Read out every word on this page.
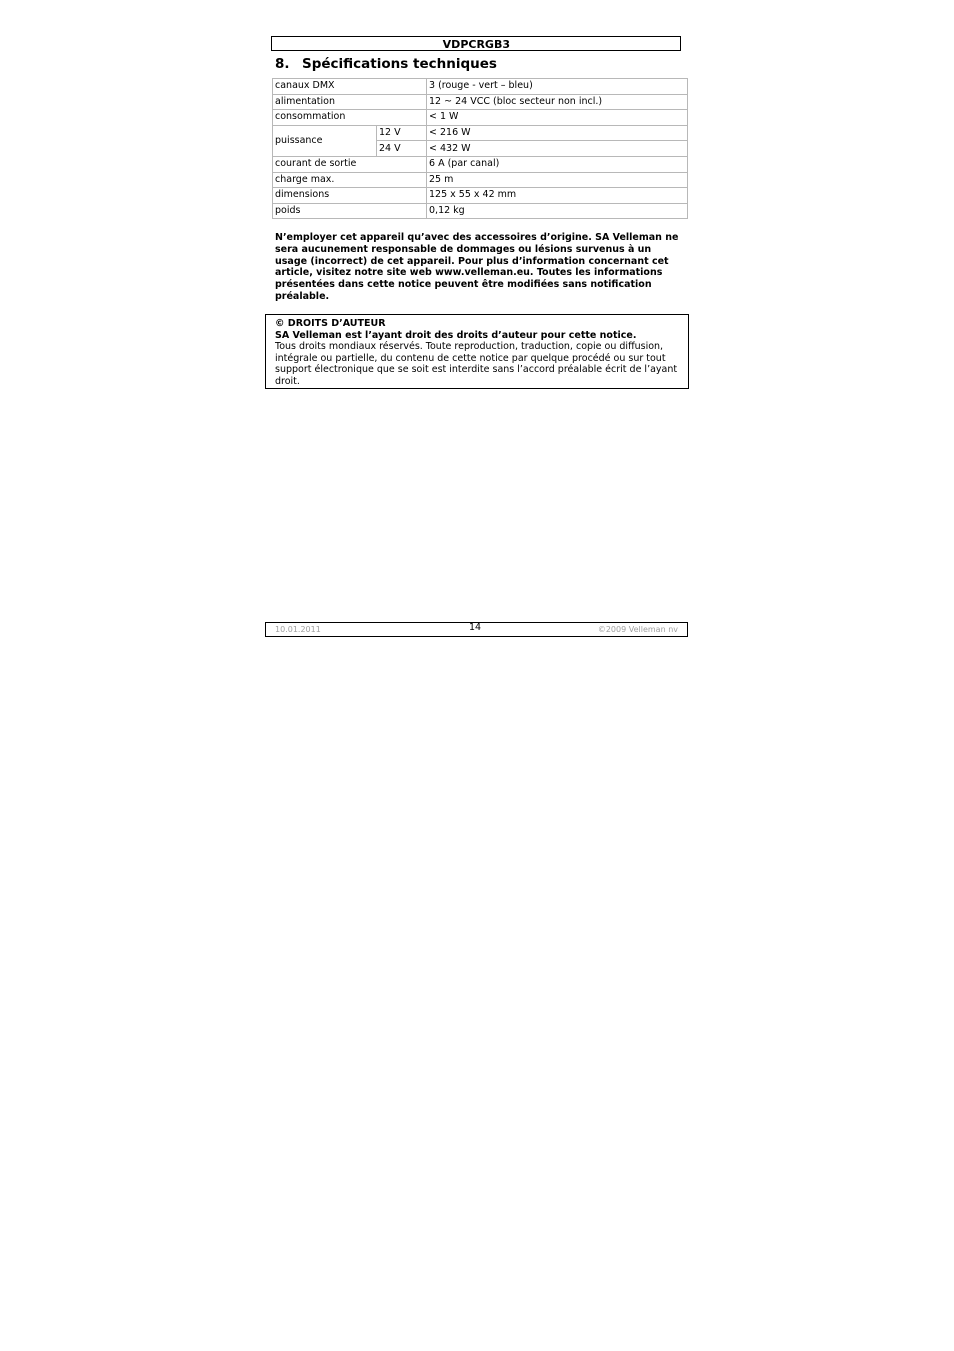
VDPCRGB3
8. Spécifications techniques
canaux DMX		3 (rouge - vert – bleu)
alimentation		12 ~ 24 VCC (bloc secteur non incl.)
consommation		< 1 W
puissance	12 V	< 216 W
	24 V	< 432 W
courant de sortie		6 A (par canal)
charge max.		25 m
dimensions		125 x 55 x 42 mm
poids		0,12 kg
N’employer cet appareil qu’avec des accessoires d’origine. SA Velleman ne sera aucunement responsable de dommages ou lésions survenus à un usage (incorrect) de cet appareil. Pour plus d’information concernant cet article, visitez notre site web www.velleman.eu. Toutes les informations présentées dans cette notice peuvent être modifiées sans notification préalable.
© DROITS D’AUTEUR
SA Velleman est l’ayant droit des droits d’auteur pour cette notice.
Tous droits mondiaux réservés. Toute reproduction, traduction, copie ou diffusion, intégrale ou partielle, du contenu de cette notice par quelque procédé ou sur tout support électronique que se soit est interdite sans l’accord préalable écrit de l’ayant droit.
10.01.2011	14	©2009 Velleman nv
